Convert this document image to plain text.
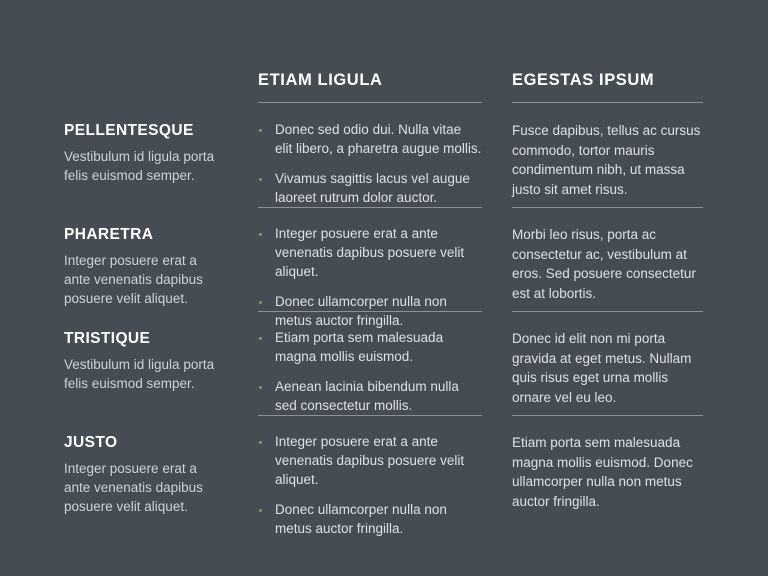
ETIAM LIGULA	EGESTAS IPSUM
PELLENTESQUE
Vestibulum id ligula porta felis euismod semper.
Donec sed odio dui. Nulla vitae elit libero, a pharetra augue mollis.
Vivamus sagittis lacus vel augue laoreet rutrum dolor auctor.

Fusce dapibus, tellus ac cursus commodo, tortor mauris condimentum nibh, ut massa justo sit amet risus.

PHARETRA
Integer posuere erat a ante venenatis dapibus posuere velit aliquet.
Integer posuere erat a ante venenatis dapibus posuere velit aliquet.
Donec ullamcorper nulla non metus auctor fringilla.

Morbi leo risus, porta ac consectetur ac, vestibulum at eros. Sed posuere consectetur est at lobortis.

TRISTIQUE
Vestibulum id ligula porta felis euismod semper.
Etiam porta sem malesuada magna mollis euismod.
Aenean lacinia bibendum nulla sed consectetur mollis.

Donec id elit non mi porta gravida at eget metus. Nullam quis risus eget urna mollis ornare vel eu leo.

JUSTO
Integer posuere erat a ante venenatis dapibus posuere velit aliquet.
Integer posuere erat a ante venenatis dapibus posuere velit aliquet.
Donec ullamcorper nulla non metus auctor fringilla.

Etiam porta sem malesuada magna mollis euismod. Donec ullamcorper nulla non metus auctor fringilla.
